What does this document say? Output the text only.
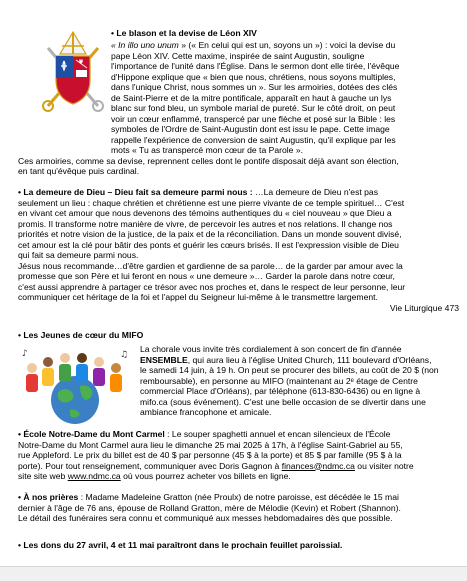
• Le blason et la devise de Léon XIV

« In illo uno unum » (« En celui qui est un, soyons un ») : voici la devise du

pape Léon XIV. Cette maxime, inspirée de saint Augustin, souligne

l'importance de l'unité dans l'Église. Dans le sermon dont elle tirée, l'évêque

d'Hippone explique que « bien que nous, chrétiens, nous soyons multiples,

dans l'unique Christ, nous sommes un ». Sur les armoiries, dotées des clés

de Saint-Pierre et de la mitre pontificale, apparaît en haut à gauche un lys

blanc sur fond bleu, un symbole marial de pureté. Sur le côté droit, on peut

voir un cœur enflammé, transpercé par une flèche et posé sur la Bible : les

symboles de l'Ordre de Saint-Augustin dont est issu le pape. Cette image

rappelle l'expérience de conversion de saint Augustin, qu'il explique par les

mots « Tu as transpercé mon cœur de ta Parole ».

Ces armoiries, comme sa devise, reprennent celles dont le pontife disposait déjà avant son élection,

en tant qu'évêque puis cardinal.

• La demeure de Dieu – Dieu fait sa demeure parmi nous : …La demeure de Dieu n'est pas

seulement un lieu : chaque chrétien et chrétienne est une pierre vivante de ce temple spirituel… C'est

en vivant cet amour que nous devenons des témoins authentiques du « ciel nouveau » que Dieu a

promis. Il transforme notre manière de vivre, de percevoir les autres et nos relations. Il change nos

priorités et notre vision de la justice, de la paix et de la réconciliation. Dans un monde souvent divisé,

cet amour est la clé pour bâtir des ponts et guérir les cœurs brisés. Il est l'expression visible de Dieu

qui fait sa demeure parmi nous.

Jésus nous recommande…d'être gardien et gardienne de sa parole… de la garder par amour avec la

promesse que son Père et lui feront en nous « une demeure »… Garder la parole dans notre cœur,

c'est aussi apprendre à partager ce trésor avec nos proches et, dans le respect de leur personne, leur

communiquer cet héritage de la foi et l'appel du Seigneur lui-même à le transmettre largement.

Vie Liturgique 473

• Les Jeunes de cœur du MIFO

♪	♫

La chorale vous invite très cordialement à son concert de fin d'année

ENSEMBLE, qui aura lieu à l'église United Church, 111 boulevard d'Orléans,

le samedi 14 juin, à 19 h. On peut se procurer des billets, au coût de 20 $ (non

remboursable), en personne au MIFO (maintenant au 2ᵉ étage de Centre

commercial Place d'Orléans), par téléphone (613-830-6436) ou en ligne à

mifo.ca (sous événement). C'est une belle occasion de se divertir dans une

ambiance francophone et amicale.

• École Notre-Dame du Mont Carmel : Le souper spaghetti annuel et encan silencieux de l'École

Notre-Dame du Mont Carmel aura lieu le dimanche 25 mai 2025 à 17h, à l'église Saint-Gabriel au 55,

rue Appleford. Le prix du billet est de 40 $ par personne (45 $ à la porte) et 85 $ par famille (95 $ à la

porte). Pour tout renseignement, communiquer avec Doris Gagnon à finances@ndmc.ca ou visiter notre

site site web www.ndmc.ca où vous pourrez acheter vos billets en ligne.

• À nos prières : Madame Madeleine Gratton (née Proulx) de notre paroisse, est décédée le 15 mai

dernier à l'âge de 76 ans, épouse de Rolland Gratton, mère de Mélodie (Kevin) et Robert (Shannon).

Le détail des funéraires sera connu et communiqué aux messes hebdomadaires dès que possible.

• Les dons du 27 avril, 4 et 11 mai paraîtront dans le prochain feuillet paroissial.
